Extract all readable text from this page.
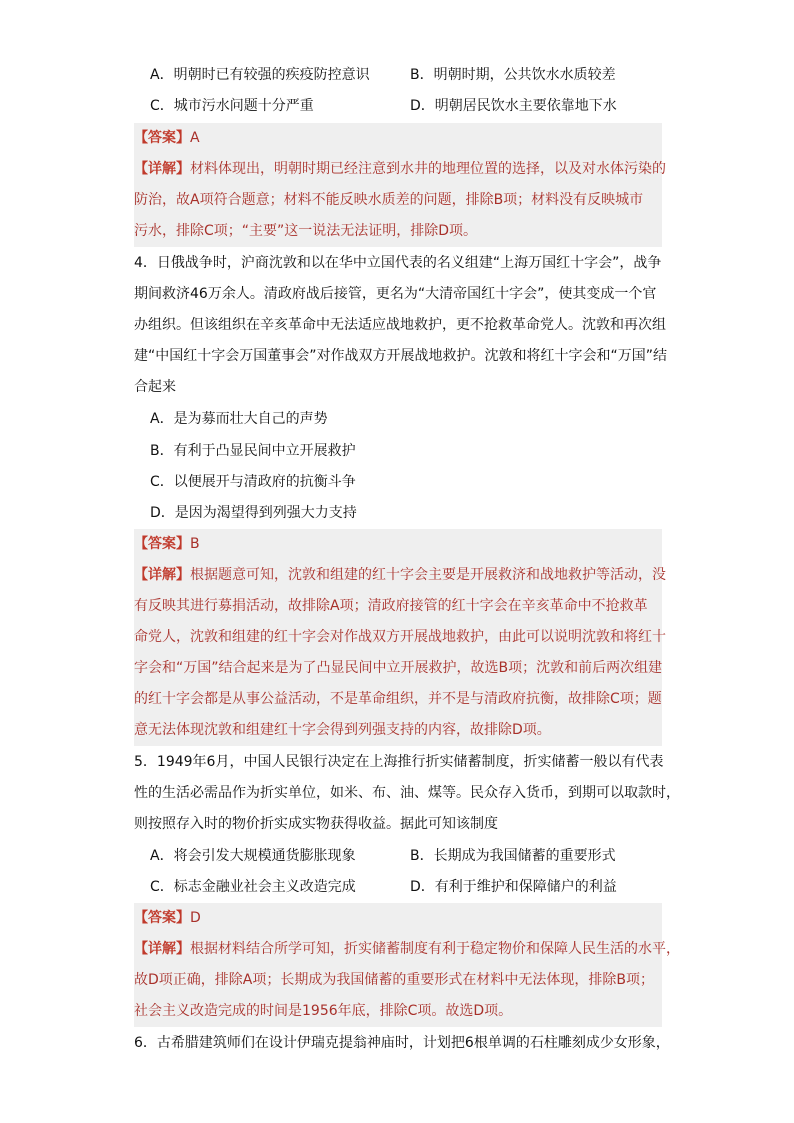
A．明朝时已有较强的疾疫防控意识	B．明朝时期，公共饮水水质较差
C．城市污水问题十分严重	D．明朝居民饮水主要依靠地下水
【答案】A
【详解】材料体现出，明朝时期已经注意到水井的地理位置的选择，以及对水体污染的
防治，故A项符合题意；材料不能反映水质差的问题，排除B项；材料没有反映城市
污水，排除C项；“主要”这一说法无法证明，排除D项。
4．日俄战争时，沪商沈敦和以在华中立国代表的名义组建“上海万国红十字会”，战争
期间救济46万余人。清政府战后接管，更名为“大清帝国红十字会”，使其变成一个官
办组织。但该组织在辛亥革命中无法适应战地救护，更不抢救革命党人。沈敦和再次组
建“中国红十字会万国董事会”对作战双方开展战地救护。沈敦和将红十字会和“万国”结
合起来
A．是为募而壮大自己的声势
B．有利于凸显民间中立开展救护
C．以便展开与清政府的抗衡斗争
D．是因为渴望得到列强大力支持
【答案】B
【详解】根据题意可知，沈敦和组建的红十字会主要是开展救济和战地救护等活动，没
有反映其进行募捐活动，故排除A项；清政府接管的红十字会在辛亥革命中不抢救革
命党人，沈敦和组建的红十字会对作战双方开展战地救护，由此可以说明沈敦和将红十
字会和“万国”结合起来是为了凸显民间中立开展救护，故选B项；沈敦和前后两次组建
的红十字会都是从事公益活动，不是革命组织，并不是与清政府抗衡，故排除C项；题
意无法体现沈敦和组建红十字会得到列强支持的内容，故排除D项。
5．1949年6月，中国人民银行决定在上海推行折实储蓄制度，折实储蓄一般以有代表
性的生活必需品作为折实单位，如米、布、油、煤等。民众存入货币，到期可以取款时，
则按照存入时的物价折实成实物获得收益。据此可知该制度
A．将会引发大规模通货膨胀现象	B．长期成为我国储蓄的重要形式
C．标志金融业社会主义改造完成	D．有利于维护和保障储户的利益
【答案】D
【详解】根据材料结合所学可知，折实储蓄制度有利于稳定物价和保障人民生活的水平，
故D项正确，排除A项；长期成为我国储蓄的重要形式在材料中无法体现，排除B项；
社会主义改造完成的时间是1956年底，排除C项。故选D项。
6．古希腊建筑师们在设计伊瑞克提翁神庙时，计划把6根单调的石柱雕刻成少女形象，
